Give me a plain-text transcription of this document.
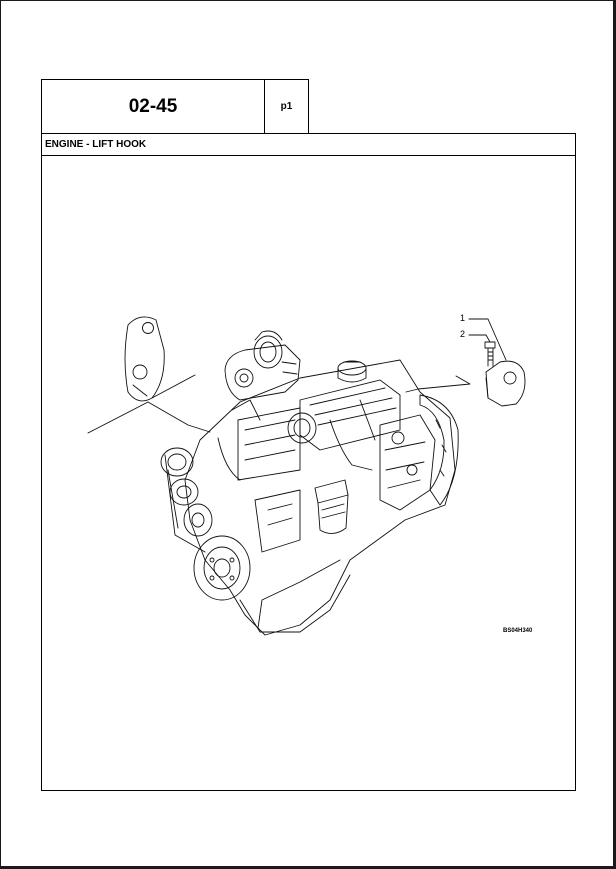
02-45	p1
ENGINE - LIFT HOOK
1
2
BS04H340
